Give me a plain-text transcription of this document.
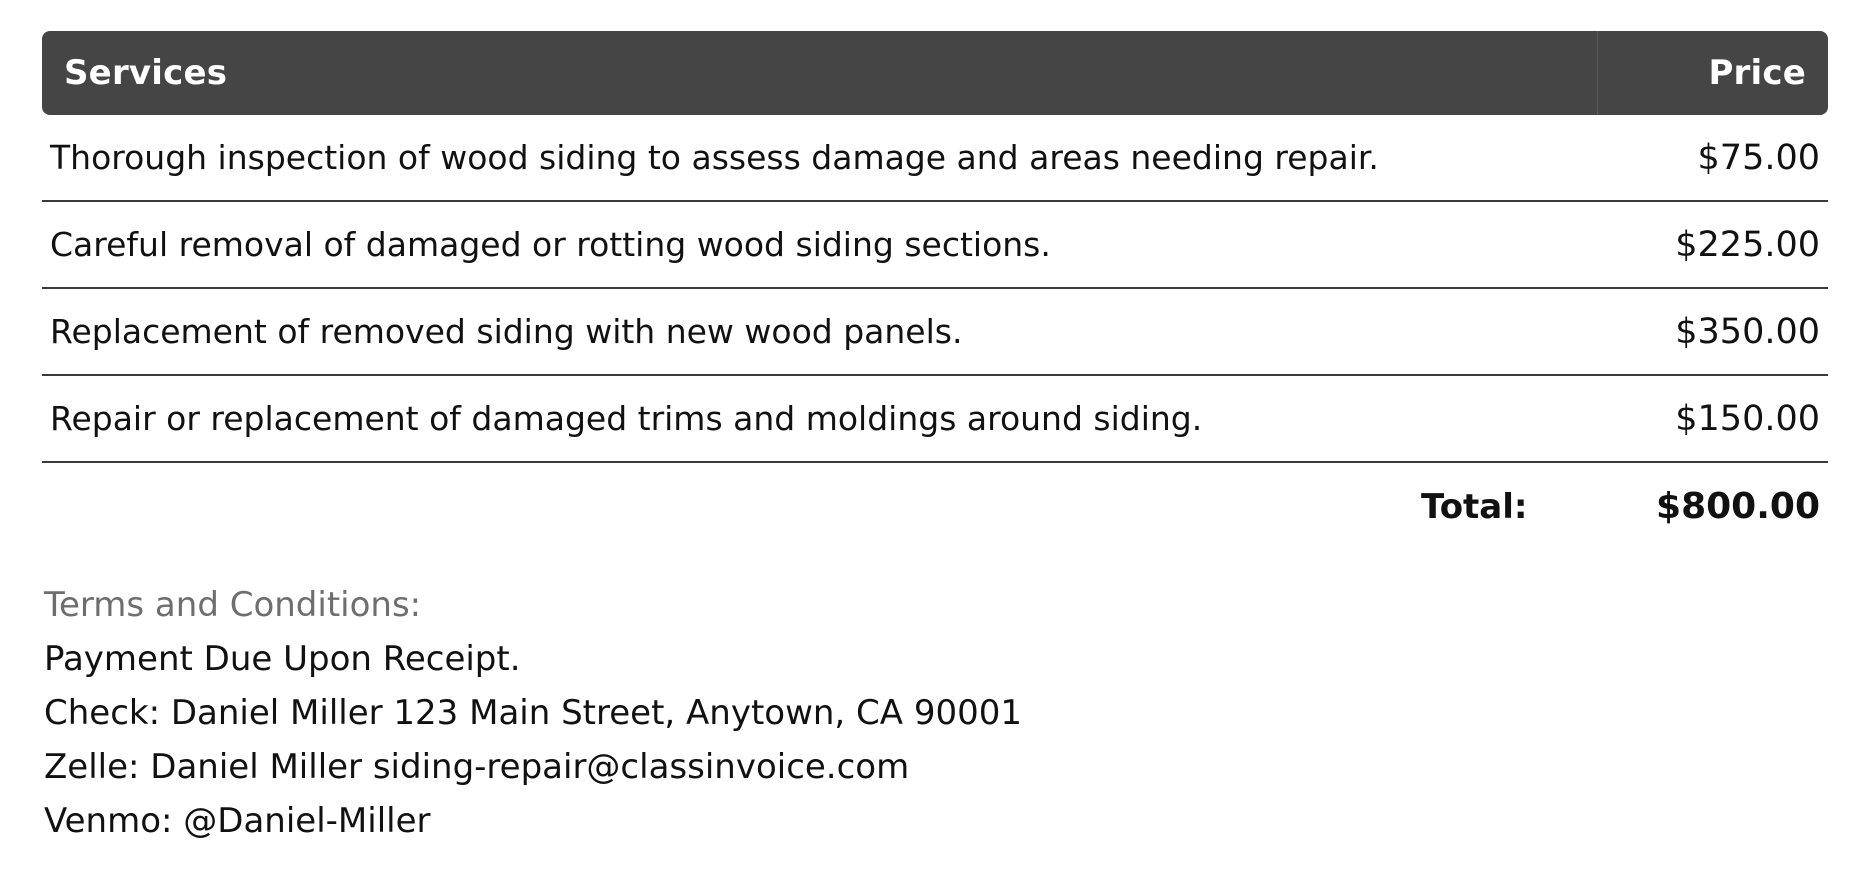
Services	Price
Thorough inspection of wood siding to assess damage and areas needing repair.	$75.00
Careful removal of damaged or rotting wood siding sections.	$225.00
Replacement of removed siding with new wood panels.	$350.00
Repair or replacement of damaged trims and moldings around siding.	$150.00
Total:	$800.00
Terms and Conditions:
Payment Due Upon Receipt.
Check: Daniel Miller 123 Main Street, Anytown, CA 90001
Zelle: Daniel Miller siding-repair@classinvoice.com
Venmo: @Daniel-Miller
